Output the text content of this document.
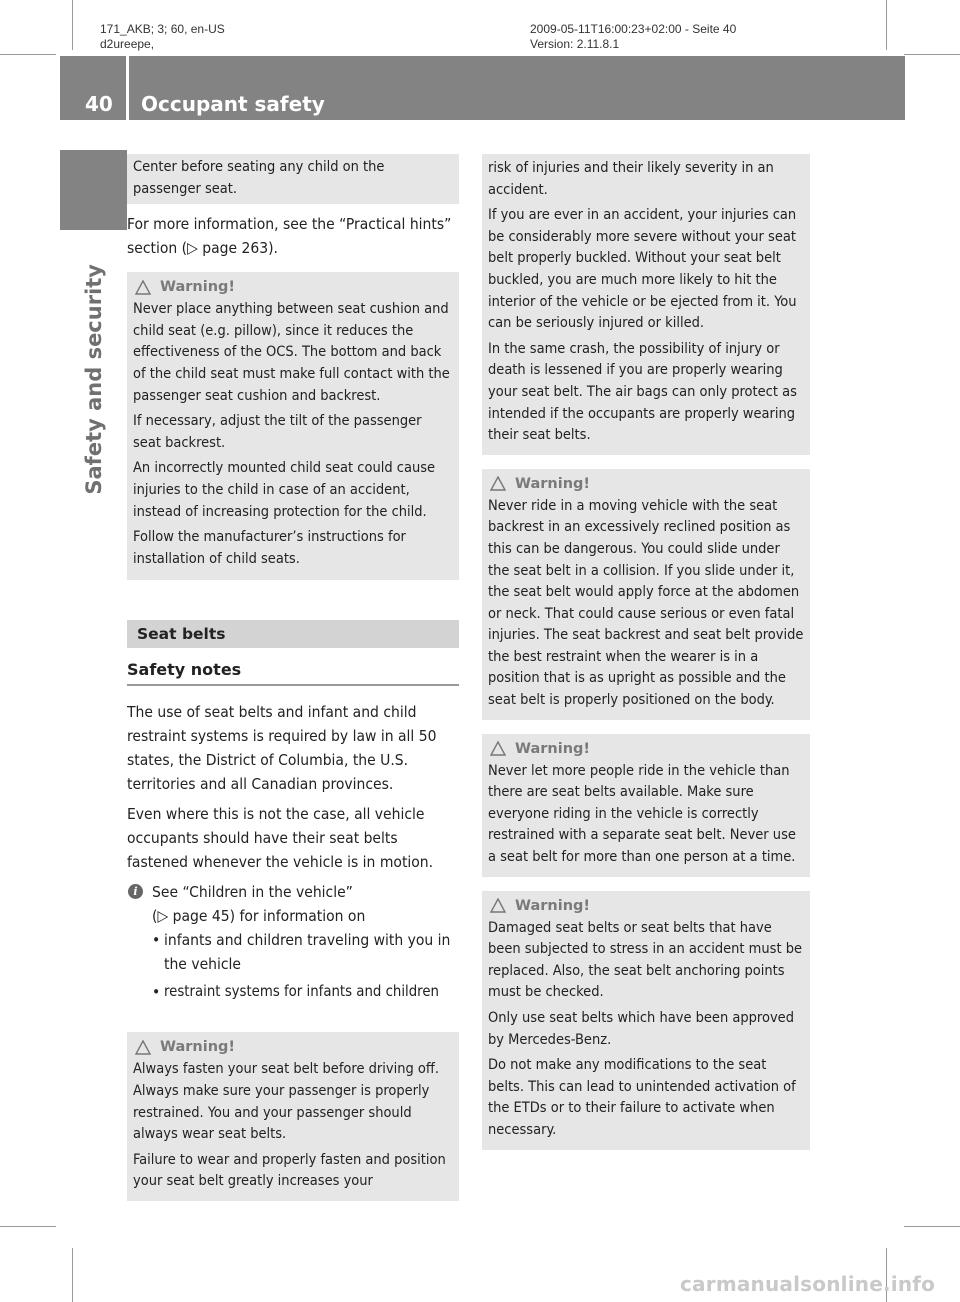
171_AKB; 3; 60, en-US
d2ureepe,
2009-05-11T16:00:23+02:00 - Seite 40
Version: 2.11.8.1
40 Occupant safety
Safety and security

Center before seating any child on the passenger seat.

For more information, see the “Practical hints” section (▷ page 263).

Warning!

Never place anything between seat cushion and child seat (e.g. pillow), since it reduces the effectiveness of the OCS. The bottom and back of the child seat must make full contact with the passenger seat cushion and backrest.

If necessary, adjust the tilt of the passenger seat backrest.

An incorrectly mounted child seat could cause injuries to the child in case of an accident, instead of increasing protection for the child.

Follow the manufacturer’s instructions for installation of child seats.

Seat belts
Safety notes

The use of seat belts and infant and child restraint systems is required by law in all 50 states, the District of Columbia, the U.S. territories and all Canadian provinces.

Even where this is not the case, all vehicle occupants should have their seat belts fastened whenever the vehicle is in motion.

i See “Children in the vehicle”
(▷ page 45) for information on
• infants and children traveling with you in the vehicle
• restraint systems for infants and children
Warning!

Always fasten your seat belt before driving off. Always make sure your passenger is properly restrained. You and your passenger should always wear seat belts.

Failure to wear and properly fasten and position your seat belt greatly increases your

risk of injuries and their likely severity in an accident.

If you are ever in an accident, your injuries can be considerably more severe without your seat belt properly buckled. Without your seat belt buckled, you are much more likely to hit the interior of the vehicle or be ejected from it. You can be seriously injured or killed.

In the same crash, the possibility of injury or death is lessened if you are properly wearing your seat belt. The air bags can only protect as intended if the occupants are properly wearing their seat belts.

Warning!

Never ride in a moving vehicle with the seat backrest in an excessively reclined position as this can be dangerous. You could slide under the seat belt in a collision. If you slide under it, the seat belt would apply force at the abdomen or neck. That could cause serious or even fatal injuries. The seat backrest and seat belt provide the best restraint when the wearer is in a position that is as upright as possible and the seat belt is properly positioned on the body.

Warning!

Never let more people ride in the vehicle than there are seat belts available. Make sure everyone riding in the vehicle is correctly restrained with a separate seat belt. Never use a seat belt for more than one person at a time.

Warning!

Damaged seat belts or seat belts that have been subjected to stress in an accident must be replaced. Also, the seat belt anchoring points must be checked.

Only use seat belts which have been approved by Mercedes-Benz.

Do not make any modifications to the seat belts. This can lead to unintended activation of the ETDs or to their failure to activate when necessary.

carmanualsonline.info
